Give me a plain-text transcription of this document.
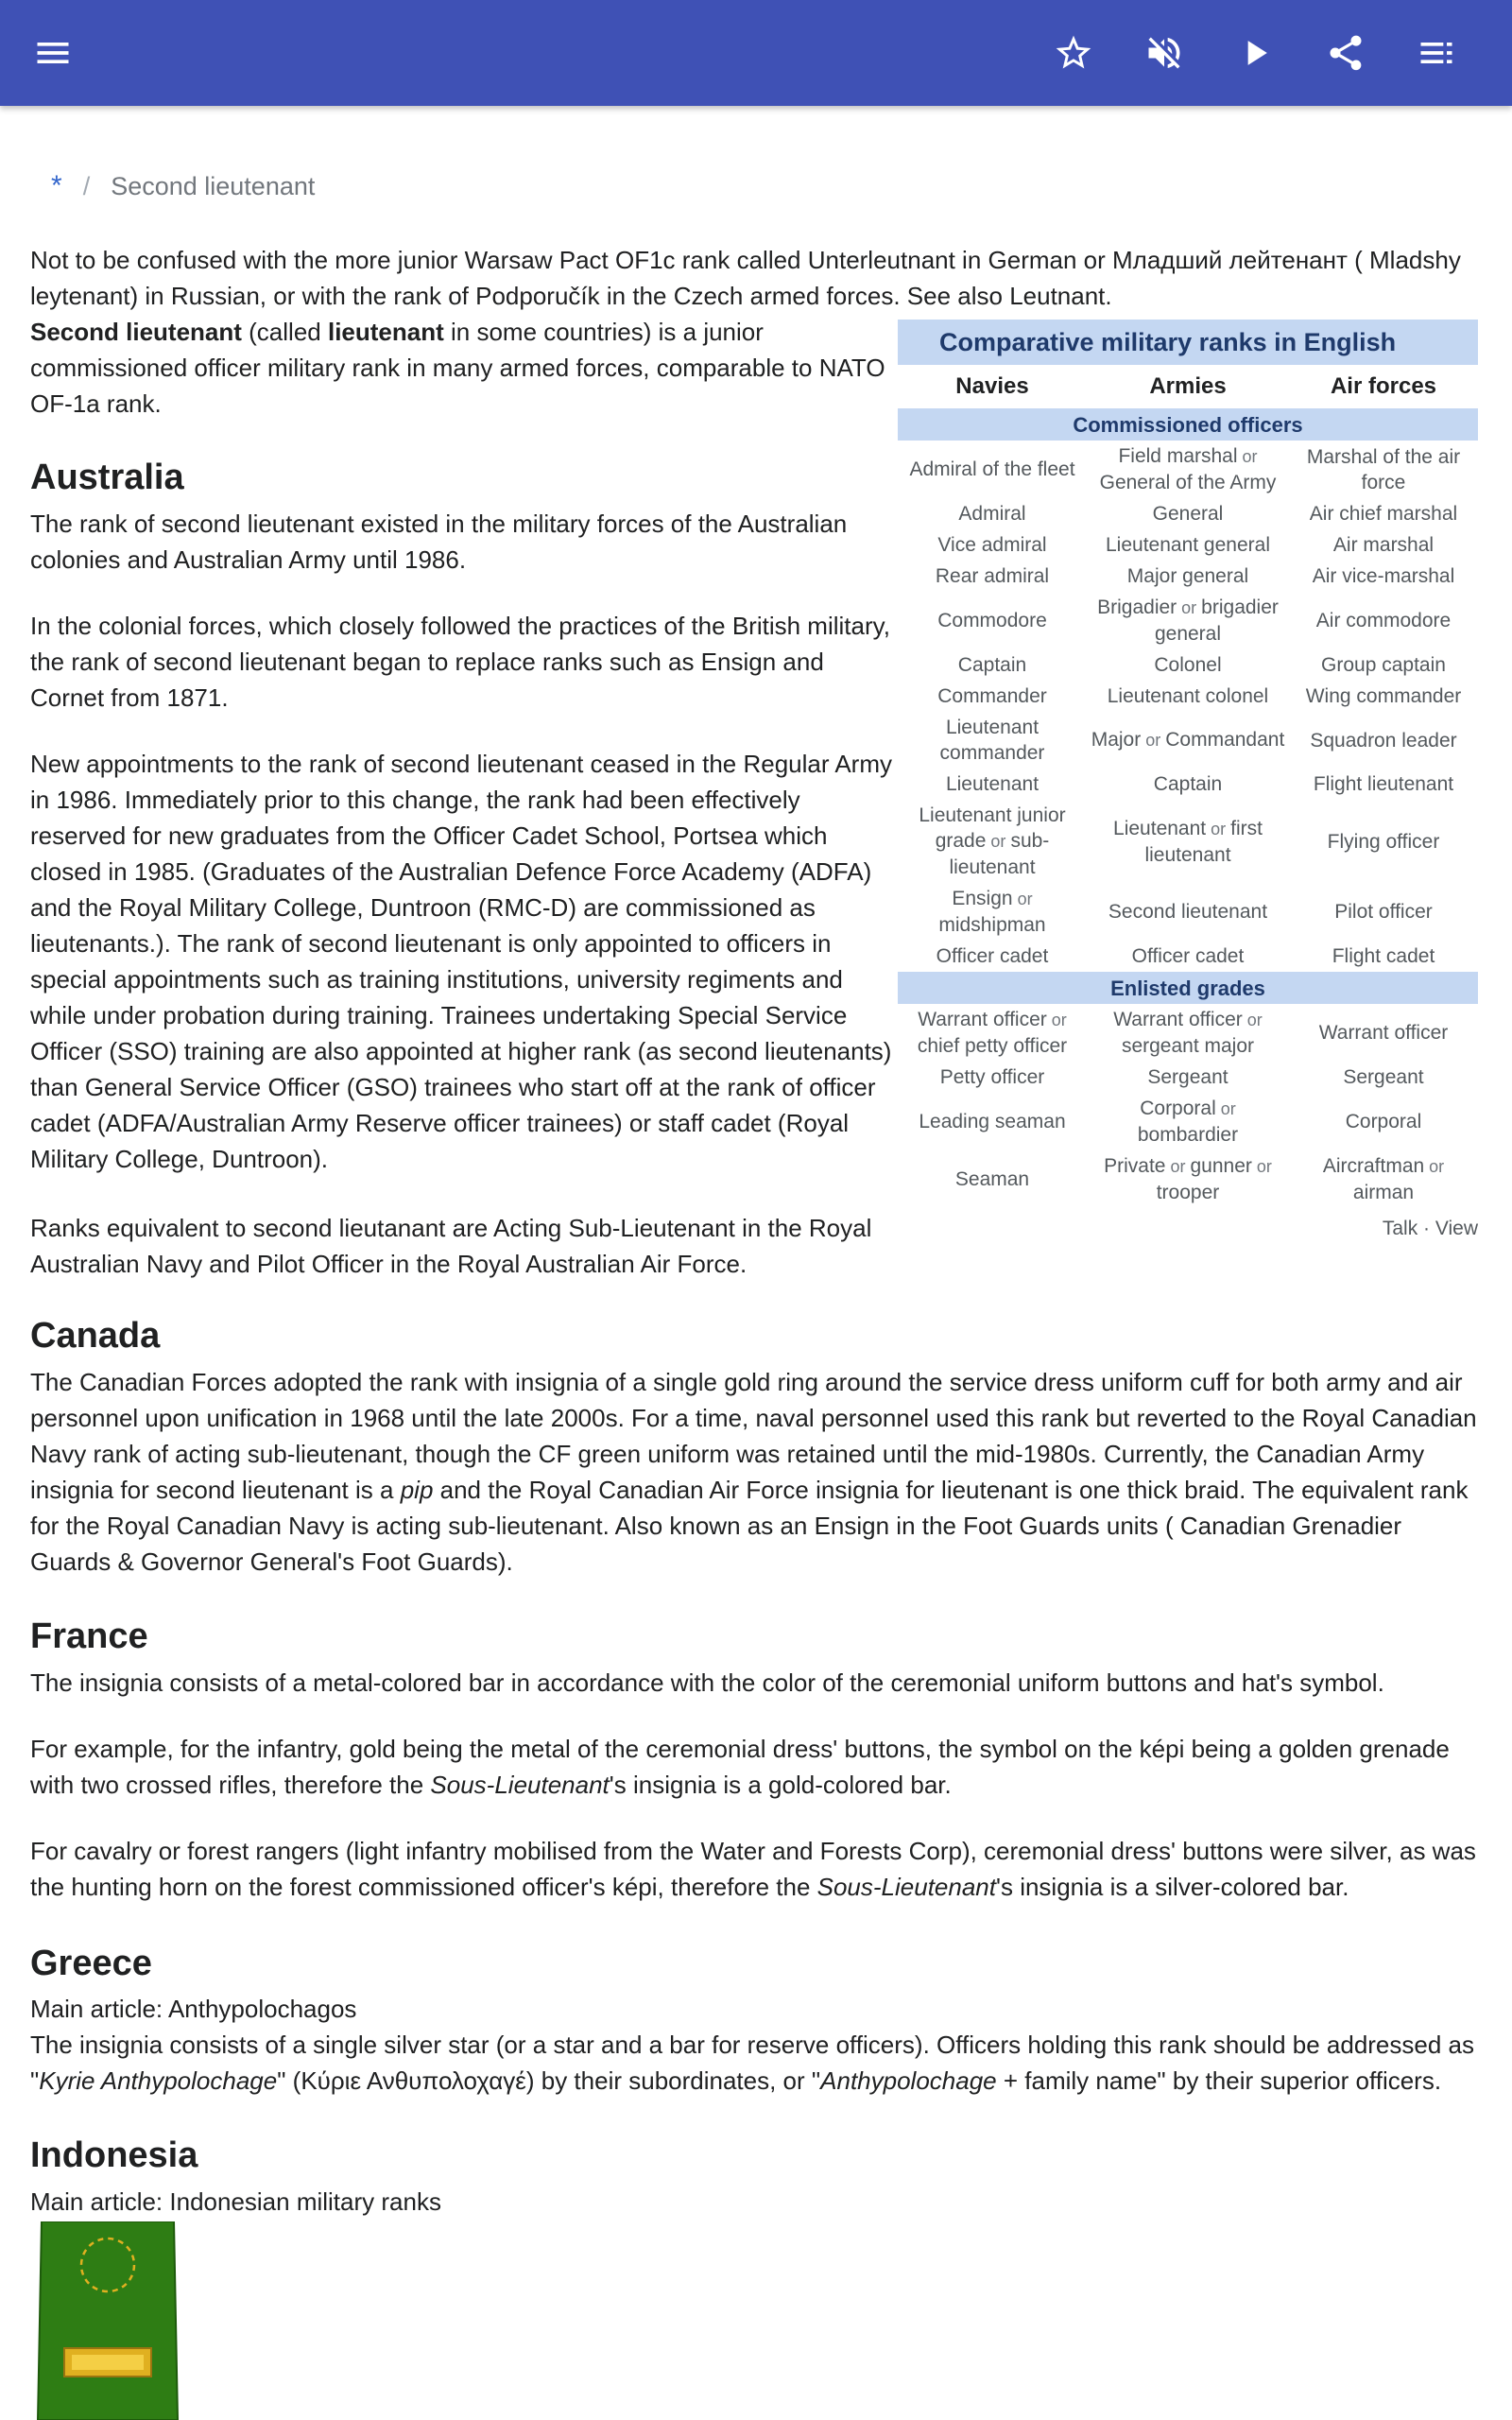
* / Second lieutenant

Not to be confused with the more junior Warsaw Pact OF1c rank called Unterleutnant in German or Младший лейтенант ( Mladshy leytenant) in Russian, or with the rank of Podporučík in the Czech armed forces. See also Leutnant.

Second lieutenant (called lieutenant in some countries) is a junior commissioned officer military rank in many armed forces, comparable to NATO OF-1a rank.

Australia

The rank of second lieutenant existed in the military forces of the Australian colonies and Australian Army until 1986.

In the colonial forces, which closely followed the practices of the British military, the rank of second lieutenant began to replace ranks such as Ensign and Cornet from 1871.

New appointments to the rank of second lieutenant ceased in the Regular Army in 1986. Immediately prior to this change, the rank had been effectively reserved for new graduates from the Officer Cadet School, Portsea which closed in 1985. (Graduates of the Australian Defence Force Academy (ADFA) and the Royal Military College, Duntroon (RMC-D) are commissioned as lieutenants.). The rank of second lieutenant is only appointed to officers in special appointments such as training institutions, university regiments and while under probation during training. Trainees undertaking Special Service Officer (SSO) training are also appointed at higher rank (as second lieutenants) than General Service Officer (GSO) trainees who start off at the rank of officer cadet (ADFA/Australian Army Reserve officer trainees) or staff cadet (Royal Military College, Duntroon).

Ranks equivalent to second lieutanant are Acting Sub-Lieutenant in the Royal Australian Navy and Pilot Officer in the Royal Australian Air Force.

Canada

The Canadian Forces adopted the rank with insignia of a single gold ring around the service dress uniform cuff for both army and air personnel upon unification in 1968 until the late 2000s. For a time, naval personnel used this rank but reverted to the Royal Canadian Navy rank of acting sub-lieutenant, though the CF green uniform was retained until the mid-1980s. Currently, the Canadian Army insignia for second lieutenant is a pip and the Royal Canadian Air Force insignia for lieutenant is one thick braid. The equivalent rank for the Royal Canadian Navy is acting sub-lieutenant. Also known as an Ensign in the Foot Guards units ( Canadian Grenadier Guards & Governor General's Foot Guards).

France

The insignia consists of a metal-colored bar in accordance with the color of the ceremonial uniform buttons and hat's symbol.

For example, for the infantry, gold being the metal of the ceremonial dress' buttons, the symbol on the képi being a golden grenade with two crossed rifles, therefore the Sous-Lieutenant's insignia is a gold-colored bar.

For cavalry or forest rangers (light infantry mobilised from the Water and Forests Corp), ceremonial dress' buttons were silver, as was the hunting horn on the forest commissioned officer's képi, therefore the Sous-Lieutenant's insignia is a silver-colored bar.

Greece

Main article: Anthypolochagos

The insignia consists of a single silver star (or a star and a bar for reserve officers). Officers holding this rank should be addressed as "Kyrie Anthypolochage" (Κύριε Ανθυπολοχαγέ) by their subordinates, or "Anthypolochage + family name" by their superior officers.

Indonesia

Main article: Indonesian military ranks

Comparative military ranks in English
Navies	Armies	Air forces
Commissioned officers		
Admiral of the fleet	Field marshal or General of the Army	Marshal of the air force
Admiral	General	Air chief marshal
Vice admiral	Lieutenant general	Air marshal
Rear admiral	Major general	Air vice-marshal
Commodore	Brigadier or brigadier general	Air commodore
Captain	Colonel	Group captain
Commander	Lieutenant colonel	Wing commander
Lieutenant commander	Major or Commandant	Squadron leader
Lieutenant	Captain	Flight lieutenant
Lieutenant junior grade or sub-lieutenant	Lieutenant or first lieutenant	Flying officer
Ensign or midshipman	Second lieutenant	Pilot officer
Officer cadet	Officer cadet	Flight cadet
Enlisted grades		
Warrant officer or chief petty officer	Warrant officer or sergeant major	Warrant officer
Petty officer	Sergeant	Sergeant
Leading seaman	Corporal or bombardier	Corporal
Seaman	Private or gunner or trooper	Aircraftman or airman
Talk · View
